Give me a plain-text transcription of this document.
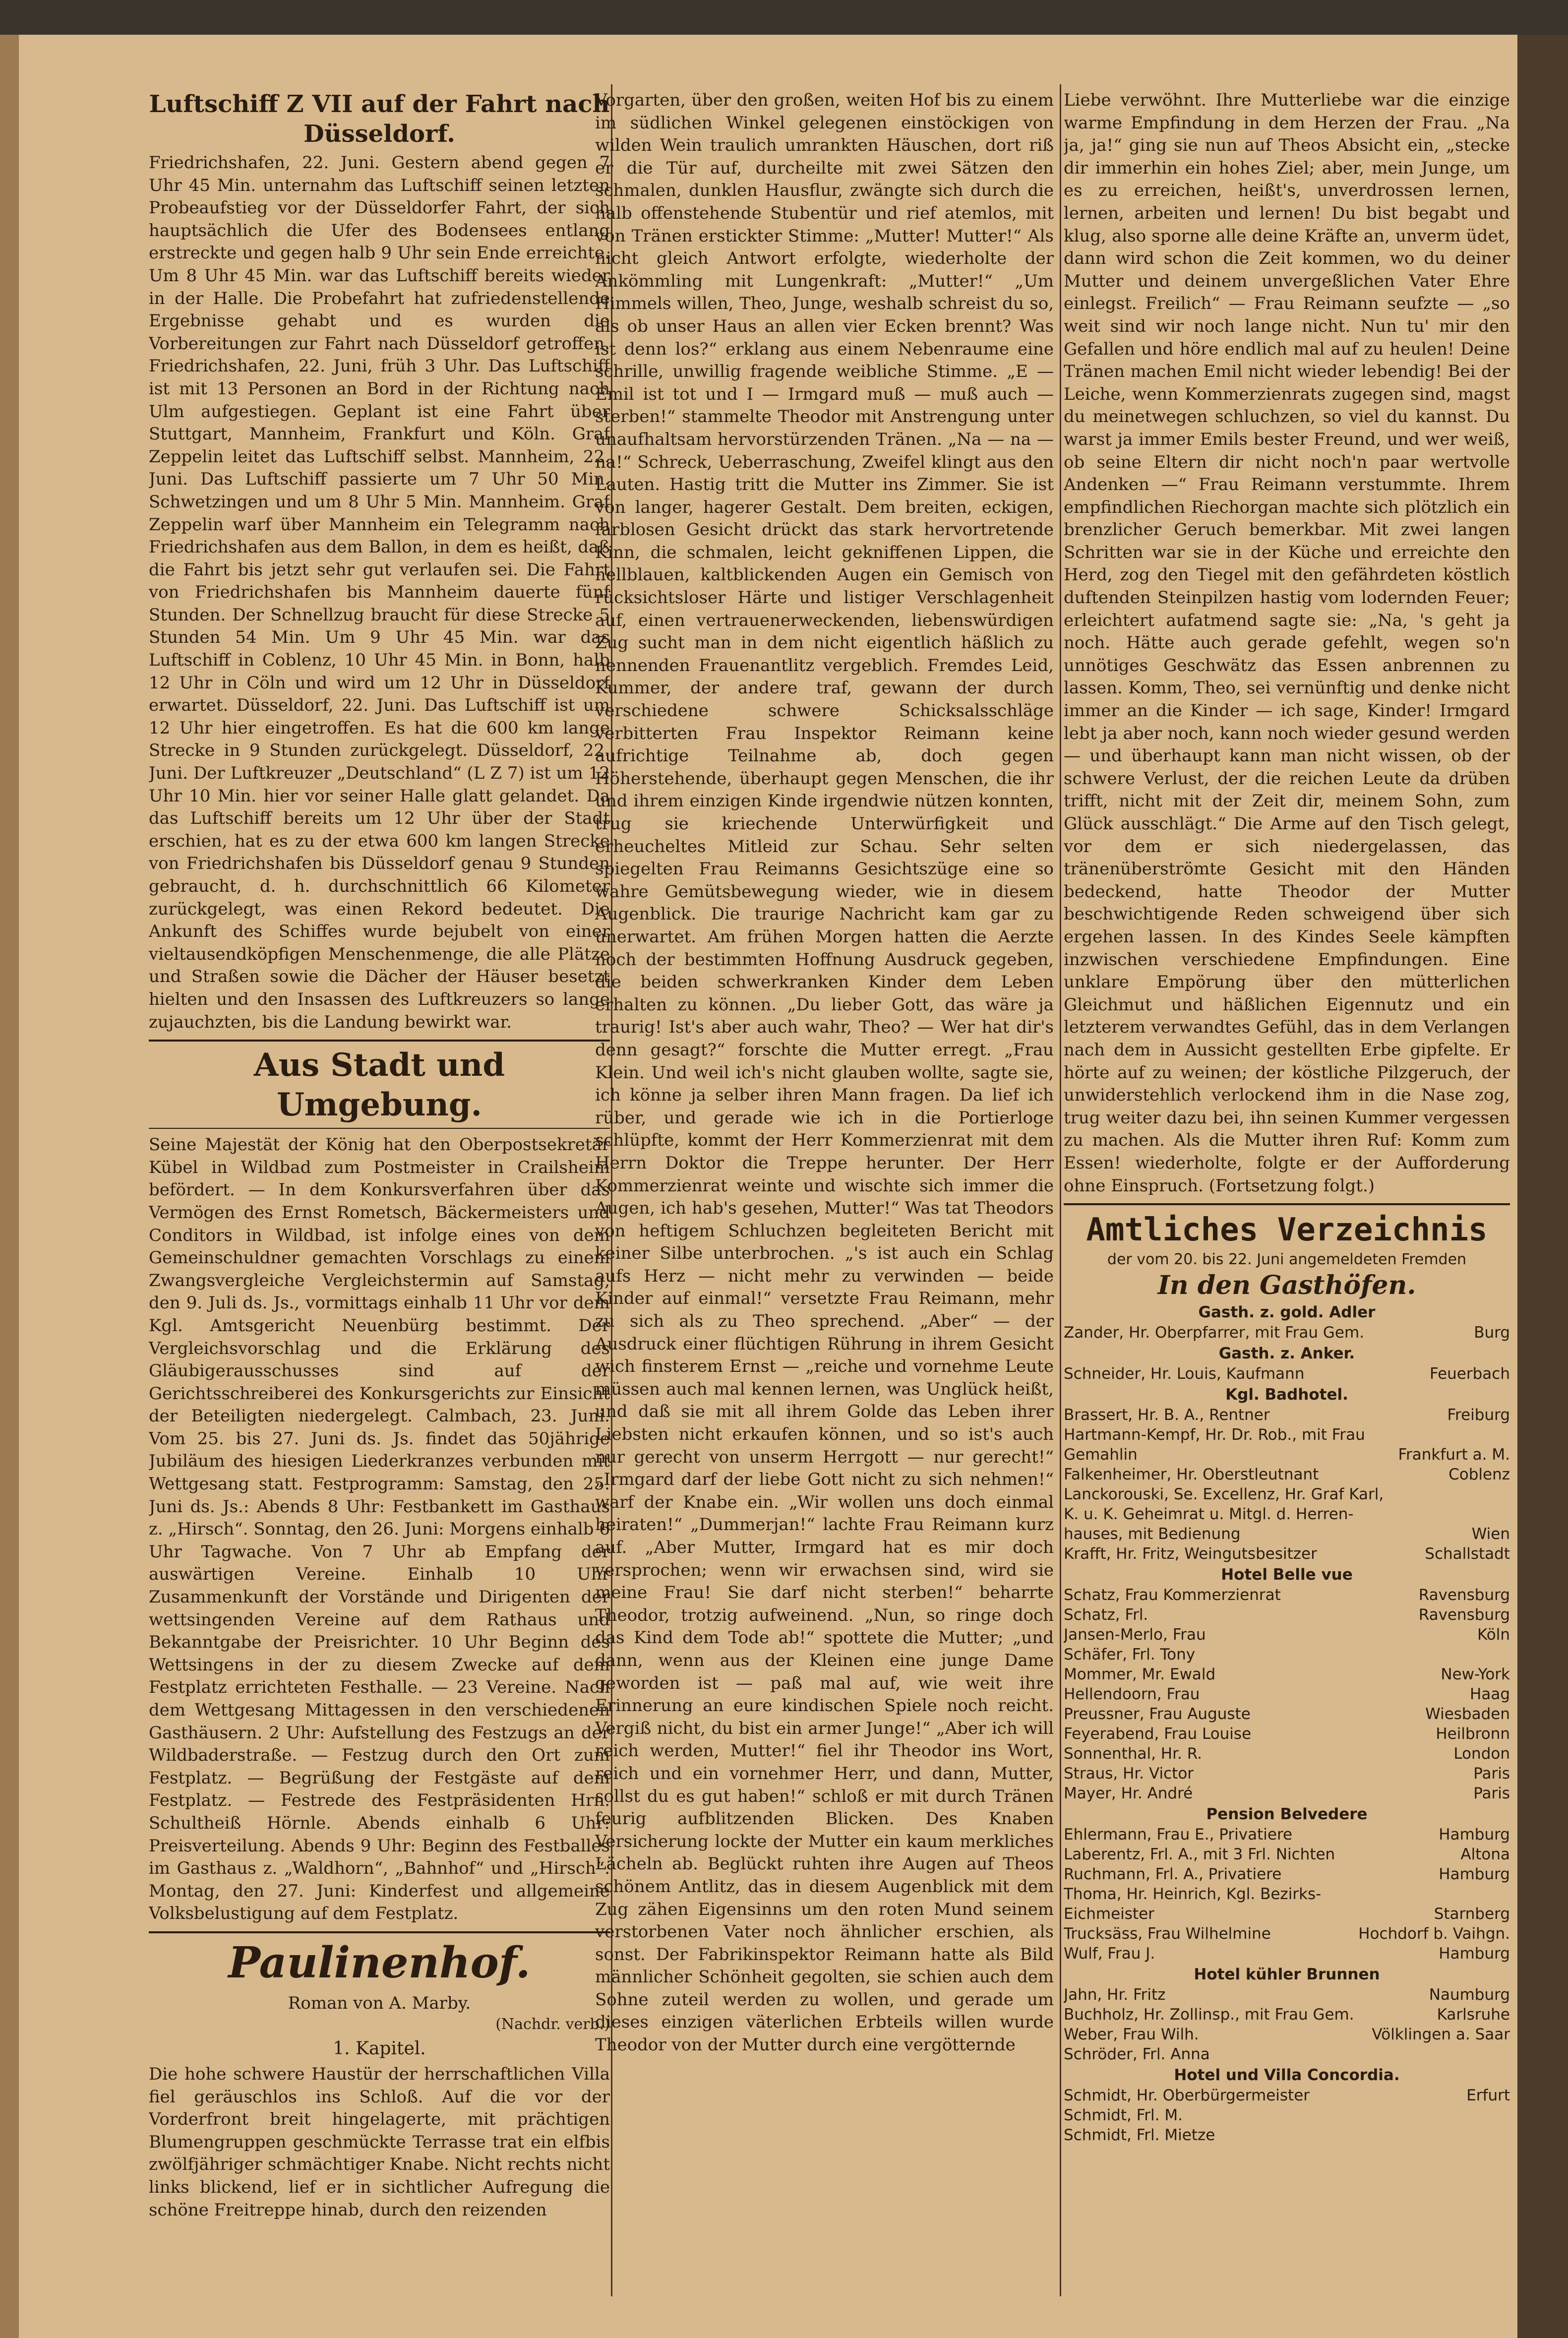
Luftschiff Z VII auf der Fahrt nach Düsseldorf.

Friedrichshafen, 22. Juni. Gestern abend gegen 7 Uhr 45 Min. unternahm das Luftschiff seinen letzten Probeaufstieg vor der Düsseldorfer Fahrt, der sich hauptsächlich die Ufer des Bodensees entlang erstreckte und gegen halb 9 Uhr sein Ende erreichte. Um 8 Uhr 45 Min. war das Luftschiff bereits wieder in der Halle. Die Probefahrt hat zufriedenstellende Ergebnisse gehabt und es wurden die Vorbereitungen zur Fahrt nach Düsseldorf getroffen. Friedrichshafen, 22. Juni, früh 3 Uhr. Das Luftschiff ist mit 13 Personen an Bord in der Richtung nach Ulm aufgestiegen. Geplant ist eine Fahrt über Stuttgart, Mannheim, Frankfurt und Köln. Graf Zeppelin leitet das Luftschiff selbst. Mannheim, 22. Juni. Das Luftschiff passierte um 7 Uhr 50 Min. Schwetzingen und um 8 Uhr 5 Min. Mannheim. Graf Zeppelin warf über Mannheim ein Telegramm nach Friedrichshafen aus dem Ballon, in dem es heißt, daß die Fahrt bis jetzt sehr gut verlaufen sei. Die Fahrt von Friedrichshafen bis Mannheim dauerte fünf Stunden. Der Schnellzug braucht für diese Strecke 5 Stunden 54 Min. Um 9 Uhr 45 Min. war das Luftschiff in Coblenz, 10 Uhr 45 Min. in Bonn, halb 12 Uhr in Cöln und wird um 12 Uhr in Düsseldorf erwartet. Düsseldorf, 22. Juni. Das Luftschiff ist um 12 Uhr hier eingetroffen. Es hat die 600 km lange Strecke in 9 Stunden zurückgelegt. Düsseldorf, 22. Juni. Der Luftkreuzer „Deutschland“ (L Z 7) ist um 12 Uhr 10 Min. hier vor seiner Halle glatt gelandet. Da das Luftschiff bereits um 12 Uhr über der Stadt erschien, hat es zu der etwa 600 km langen Strecke von Friedrichshafen bis Düsseldorf genau 9 Stunden gebraucht, d. h. durchschnittlich 66 Kilometer zurückgelegt, was einen Rekord bedeutet. Die Ankunft des Schiffes wurde bejubelt von einer vieltausendköpfigen Menschenmenge, die alle Plätze und Straßen sowie die Dächer der Häuser besetzt hielten und den Insassen des Luftkreuzers so lange zujauchzten, bis die Landung bewirkt war.

Aus Stadt und Umgebung.

Seine Majestät der König hat den Oberpostsekretär Kübel in Wildbad zum Postmeister in Crailsheim befördert. — In dem Konkursverfahren über das Vermögen des Ernst Rometsch, Bäckermeisters und Conditors in Wildbad, ist infolge eines von dem Gemeinschuldner gemachten Vorschlags zu einem Zwangsvergleiche Vergleichstermin auf Samstag, den 9. Juli ds. Js., vormittags einhalb 11 Uhr vor dem Kgl. Amtsgericht Neuenbürg bestimmt. Der Vergleichsvorschlag und die Erklärung des Gläubigerausschusses sind auf der Gerichtsschreiberei des Konkursgerichts zur Einsicht der Beteiligten niedergelegt. Calmbach, 23. Juni. Vom 25. bis 27. Juni ds. Js. findet das 50jährige Jubiläum des hiesigen Liederkranzes verbunden mit Wettgesang statt. Festprogramm: Samstag, den 25. Juni ds. Js.: Abends 8 Uhr: Festbankett im Gasthaus z. „Hirsch“. Sonntag, den 26. Juni: Morgens einhalb 6 Uhr Tagwache. Von 7 Uhr ab Empfang der auswärtigen Vereine. Einhalb 10 Uhr Zusammenkunft der Vorstände und Dirigenten der wettsingenden Vereine auf dem Rathaus und Bekanntgabe der Preisrichter. 10 Uhr Beginn des Wettsingens in der zu diesem Zwecke auf dem Festplatz errichteten Festhalle. — 23 Vereine. Nach dem Wettgesang Mittagessen in den verschiedenen Gasthäusern. 2 Uhr: Aufstellung des Festzugs an der Wildbaderstraße. — Festzug durch den Ort zum Festplatz. — Begrüßung der Festgäste auf dem Festplatz. — Festrede des Festpräsidenten Hrn. Schultheiß Hörnle. Abends einhalb 6 Uhr: Preisverteilung. Abends 9 Uhr: Beginn des Festballes im Gasthaus z. „Waldhorn“, „Bahnhof“ und „Hirsch“. Montag, den 27. Juni: Kinderfest und allgemeine Volksbelustigung auf dem Festplatz.

Paulinenhof.

Roman von A. Marby.

(Nachdr. verb.)

1. Kapitel.

Die hohe schwere Haustür der herrschaftlichen Villa fiel geräuschlos ins Schloß. Auf die vor der Vorderfront breit hingelagerte, mit prächtigen Blumengruppen geschmückte Terrasse trat ein elfbis zwölfjähriger schmächtiger Knabe. Nicht rechts nicht links blickend, lief er in sichtlicher Aufregung die schöne Freitreppe hinab, durch den reizenden

Vorgarten, über den großen, weiten Hof bis zu einem im südlichen Winkel gelegenen einstöckigen von wilden Wein traulich umrankten Häuschen, dort riß er die Tür auf, durcheilte mit zwei Sätzen den schmalen, dunklen Hausflur, zwängte sich durch die halb offenstehende Stubentür und rief atemlos, mit von Tränen erstickter Stimme: „Mutter! Mutter!“ Als nicht gleich Antwort erfolgte, wiederholte der Ankömmling mit Lungenkraft: „Mutter!“ „Um Himmels willen, Theo, Junge, weshalb schreist du so, als ob unser Haus an allen vier Ecken brennt? Was ist denn los?“ erklang aus einem Nebenraume eine schrille, unwillig fragende weibliche Stimme. „E — Emil ist tot und I — Irmgard muß — muß auch — sterben!“ stammelte Theodor mit Anstrengung unter unaufhaltsam hervorstürzenden Tränen. „Na — na — na!“ Schreck, Ueberraschung, Zweifel klingt aus den Lauten. Hastig tritt die Mutter ins Zimmer. Sie ist von langer, hagerer Gestalt. Dem breiten, eckigen, farblosen Gesicht drückt das stark hervortretende Kinn, die schmalen, leicht gekniffenen Lippen, die hellblauen, kaltblickenden Augen ein Gemisch von rücksichtsloser Härte und listiger Verschlagenheit auf, einen vertrauenerweckenden, liebenswürdigen Zug sucht man in dem nicht eigentlich häßlich zu nennenden Frauenantlitz vergeblich. Fremdes Leid, Kummer, der andere traf, gewann der durch verschiedene schwere Schicksalsschläge verbitterten Frau Inspektor Reimann keine aufrichtige Teilnahme ab, doch gegen Höherstehende, überhaupt gegen Menschen, die ihr und ihrem einzigen Kinde irgendwie nützen konnten, trug sie kriechende Unterwürfigkeit und erheucheltes Mitleid zur Schau. Sehr selten spiegelten Frau Reimanns Gesichtszüge eine so wahre Gemütsbewegung wieder, wie in diesem Augenblick. Die traurige Nachricht kam gar zu unerwartet. Am frühen Morgen hatten die Aerzte noch der bestimmten Hoffnung Ausdruck gegeben, die beiden schwerkranken Kinder dem Leben erhalten zu können. „Du lieber Gott, das wäre ja traurig! Ist's aber auch wahr, Theo? — Wer hat dir's denn gesagt?“ forschte die Mutter erregt. „Frau Klein. Und weil ich's nicht glauben wollte, sagte sie, ich könne ja selber ihren Mann fragen. Da lief ich rüber, und gerade wie ich in die Portierloge schlüpfte, kommt der Herr Kommerzienrat mit dem Herrn Doktor die Treppe herunter. Der Herr Kommerzienrat weinte und wischte sich immer die Augen, ich hab's gesehen, Mutter!“ Was tat Theodors von heftigem Schluchzen begleiteten Bericht mit keiner Silbe unterbrochen. „'s ist auch ein Schlag aufs Herz — nicht mehr zu verwinden — beide Kinder auf einmal!“ versetzte Frau Reimann, mehr zu sich als zu Theo sprechend. „Aber“ — der Ausdruck einer flüchtigen Rührung in ihrem Gesicht wich finsterem Ernst — „reiche und vornehme Leute müssen auch mal kennen lernen, was Unglück heißt, und daß sie mit all ihrem Golde das Leben ihrer Liebsten nicht erkaufen können, und so ist's auch nur gerecht von unserm Herrgott — nur gerecht!“ „Irmgard darf der liebe Gott nicht zu sich nehmen!“ warf der Knabe ein. „Wir wollen uns doch einmal heiraten!“ „Dummerjan!“ lachte Frau Reimann kurz auf. „Aber Mutter, Irmgard hat es mir doch versprochen; wenn wir erwachsen sind, wird sie meine Frau! Sie darf nicht sterben!“ beharrte Theodor, trotzig aufweinend. „Nun, so ringe doch das Kind dem Tode ab!“ spottete die Mutter; „und dann, wenn aus der Kleinen eine junge Dame geworden ist — paß mal auf, wie weit ihre Erinnerung an eure kindischen Spiele noch reicht. Vergiß nicht, du bist ein armer Junge!“ „Aber ich will reich werden, Mutter!“ fiel ihr Theodor ins Wort, reich und ein vornehmer Herr, und dann, Mutter, sollst du es gut haben!“ schloß er mit durch Tränen feurig aufblitzenden Blicken. Des Knaben Versicherung lockte der Mutter ein kaum merkliches Lächeln ab. Beglückt ruhten ihre Augen auf Theos schönem Antlitz, das in diesem Augenblick mit dem Zug zähen Eigensinns um den roten Mund seinem verstorbenen Vater noch ähnlicher erschien, als sonst. Der Fabrikinspektor Reimann hatte als Bild männlicher Schönheit gegolten, sie schien auch dem Sohne zuteil werden zu wollen, und gerade um dieses einzigen väterlichen Erbteils willen wurde Theodor von der Mutter durch eine vergötternde

Liebe verwöhnt. Ihre Mutterliebe war die einzige warme Empfindung in dem Herzen der Frau. „Na ja, ja!“ ging sie nun auf Theos Absicht ein, „stecke dir immerhin ein hohes Ziel; aber, mein Junge, um es zu erreichen, heißt's, unverdrossen lernen, lernen, arbeiten und lernen! Du bist begabt und klug, also sporne alle deine Kräfte an, unverm üdet, dann wird schon die Zeit kommen, wo du deiner Mutter und deinem unvergeßlichen Vater Ehre einlegst. Freilich“ — Frau Reimann seufzte — „so weit sind wir noch lange nicht. Nun tu' mir den Gefallen und höre endlich mal auf zu heulen! Deine Tränen machen Emil nicht wieder lebendig! Bei der Leiche, wenn Kommerzienrats zugegen sind, magst du meinetwegen schluchzen, so viel du kannst. Du warst ja immer Emils bester Freund, und wer weiß, ob seine Eltern dir nicht noch'n paar wertvolle Andenken —“ Frau Reimann verstummte. Ihrem empfindlichen Riechorgan machte sich plötzlich ein brenzlicher Geruch bemerkbar. Mit zwei langen Schritten war sie in der Küche und erreichte den Herd, zog den Tiegel mit den gefährdeten köstlich duftenden Steinpilzen hastig vom lodernden Feuer; erleichtert aufatmend sagte sie: „Na, 's geht ja noch. Hätte auch gerade gefehlt, wegen so'n unnötiges Geschwätz das Essen anbrennen zu lassen. Komm, Theo, sei vernünftig und denke nicht immer an die Kinder — ich sage, Kinder! Irmgard lebt ja aber noch, kann noch wieder gesund werden — und überhaupt kann man nicht wissen, ob der schwere Verlust, der die reichen Leute da drüben trifft, nicht mit der Zeit dir, meinem Sohn, zum Glück ausschlägt.“ Die Arme auf den Tisch gelegt, vor dem er sich niedergelassen, das tränenüberströmte Gesicht mit den Händen bedeckend, hatte Theodor der Mutter beschwichtigende Reden schweigend über sich ergehen lassen. In des Kindes Seele kämpften inzwischen verschiedene Empfindungen. Eine unklare Empörung über den mütterlichen Gleichmut und häßlichen Eigennutz und ein letzterem verwandtes Gefühl, das in dem Verlangen nach dem in Aussicht gestellten Erbe gipfelte. Er hörte auf zu weinen; der köstliche Pilzgeruch, der unwiderstehlich verlockend ihm in die Nase zog, trug weiter dazu bei, ihn seinen Kummer vergessen zu machen. Als die Mutter ihren Ruf: Komm zum Essen! wiederholte, folgte er der Aufforderung ohne Einspruch. (Fortsetzung folgt.)

Amtliches Verzeichnis
der vom 20. bis 22. Juni angemeldeten Fremden
In den Gasthöfen.
Gasth. z. gold. Adler
Zander, Hr. Oberpfarrer, mit Frau Gem.	Burg
Gasth. z. Anker.
Schneider, Hr. Louis, Kaufmann	Feuerbach
Kgl. Badhotel.
Brassert, Hr. B. A., Rentner	Freiburg
Hartmann-Kempf, Hr. Dr. Rob., mit Frau
Gemahlin	Frankfurt a. M.
Falkenheimer, Hr. Oberstleutnant	Coblenz
Lanckorouski, Se. Excellenz, Hr. Graf Karl,
K. u. K. Geheimrat u. Mitgl. d. Herren-
hauses, mit Bedienung	Wien
Krafft, Hr. Fritz, Weingutsbesitzer	Schallstadt
Hotel Belle vue
Schatz, Frau Kommerzienrat	Ravensburg
Schatz, Frl.	Ravensburg
Jansen-Merlo, Frau	Köln
Schäfer, Frl. Tony
Mommer, Mr. Ewald	New-York
Hellendoorn, Frau	Haag
Preussner, Frau Auguste	Wiesbaden
Feyerabend, Frau Louise	Heilbronn
Sonnenthal, Hr. R.	London
Straus, Hr. Victor	Paris
Mayer, Hr. André	Paris
Pension Belvedere
Ehlermann, Frau E., Privatiere	Hamburg
Laberentz, Frl. A., mit 3 Frl. Nichten	Altona
Ruchmann, Frl. A., Privatiere	Hamburg
Thoma, Hr. Heinrich, Kgl. Bezirks-
Eichmeister	Starnberg
Trucksäss, Frau Wilhelmine	Hochdorf b. Vaihgn.
Wulf, Frau J.	Hamburg
Hotel kühler Brunnen
Jahn, Hr. Fritz	Naumburg
Buchholz, Hr. Zollinsp., mit Frau Gem.	Karlsruhe
Weber, Frau Wilh.	Völklingen a. Saar
Schröder, Frl. Anna
Hotel und Villa Concordia.
Schmidt, Hr. Oberbürgermeister	Erfurt
Schmidt, Frl. M.
Schmidt, Frl. Mietze
